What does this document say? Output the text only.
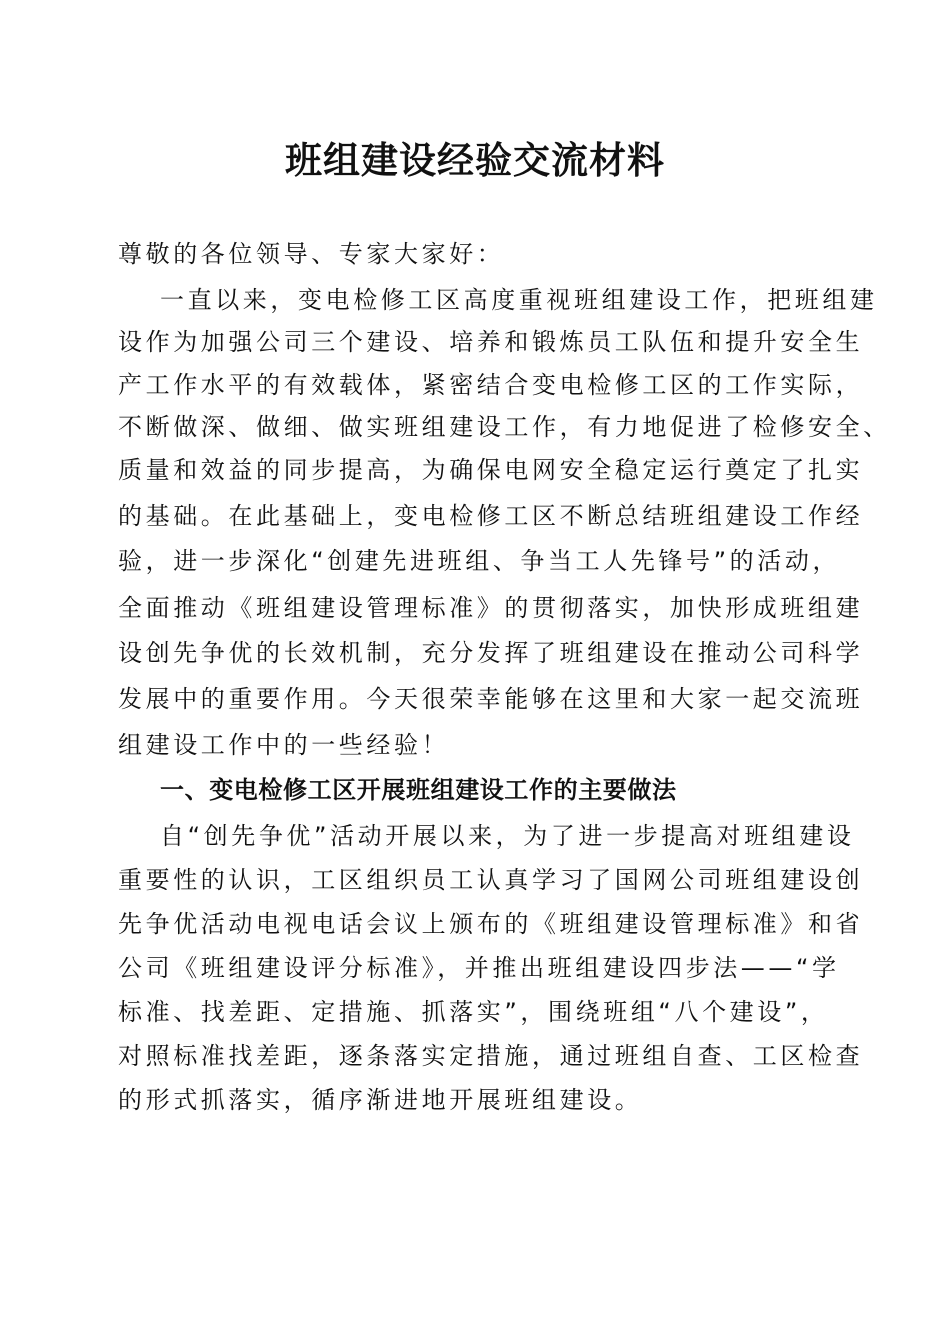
班组建设经验交流材料
尊敬的各位领导、专家大家好：
一直以来，变电检修工区高度重视班组建设工作，把班组建
设作为加强公司三个建设、培养和锻炼员工队伍和提升安全生
产工作水平的有效载体，紧密结合变电检修工区的工作实际，
不断做深、做细、做实班组建设工作，有力地促进了检修安全、
质量和效益的同步提高，为确保电网安全稳定运行奠定了扎实
的基础。在此基础上，变电检修工区不断总结班组建设工作经
验，进一步深化“创建先进班组、争当工人先锋号”的活动，
全面推动《班组建设管理标准》的贯彻落实，加快形成班组建
设创先争优的长效机制，充分发挥了班组建设在推动公司科学
发展中的重要作用。今天很荣幸能够在这里和大家一起交流班
组建设工作中的一些经验！
一、变电检修工区开展班组建设工作的主要做法
自“创先争优”活动开展以来，为了进一步提高对班组建设
重要性的认识，工区组织员工认真学习了国网公司班组建设创
先争优活动电视电话会议上颁布的《班组建设管理标准》和省
公司《班组建设评分标准》，并推出班组建设四步法——“学
标准、找差距、定措施、抓落实”，围绕班组“八个建设”，
对照标准找差距，逐条落实定措施，通过班组自查、工区检查
的形式抓落实，循序渐进地开展班组建设。
